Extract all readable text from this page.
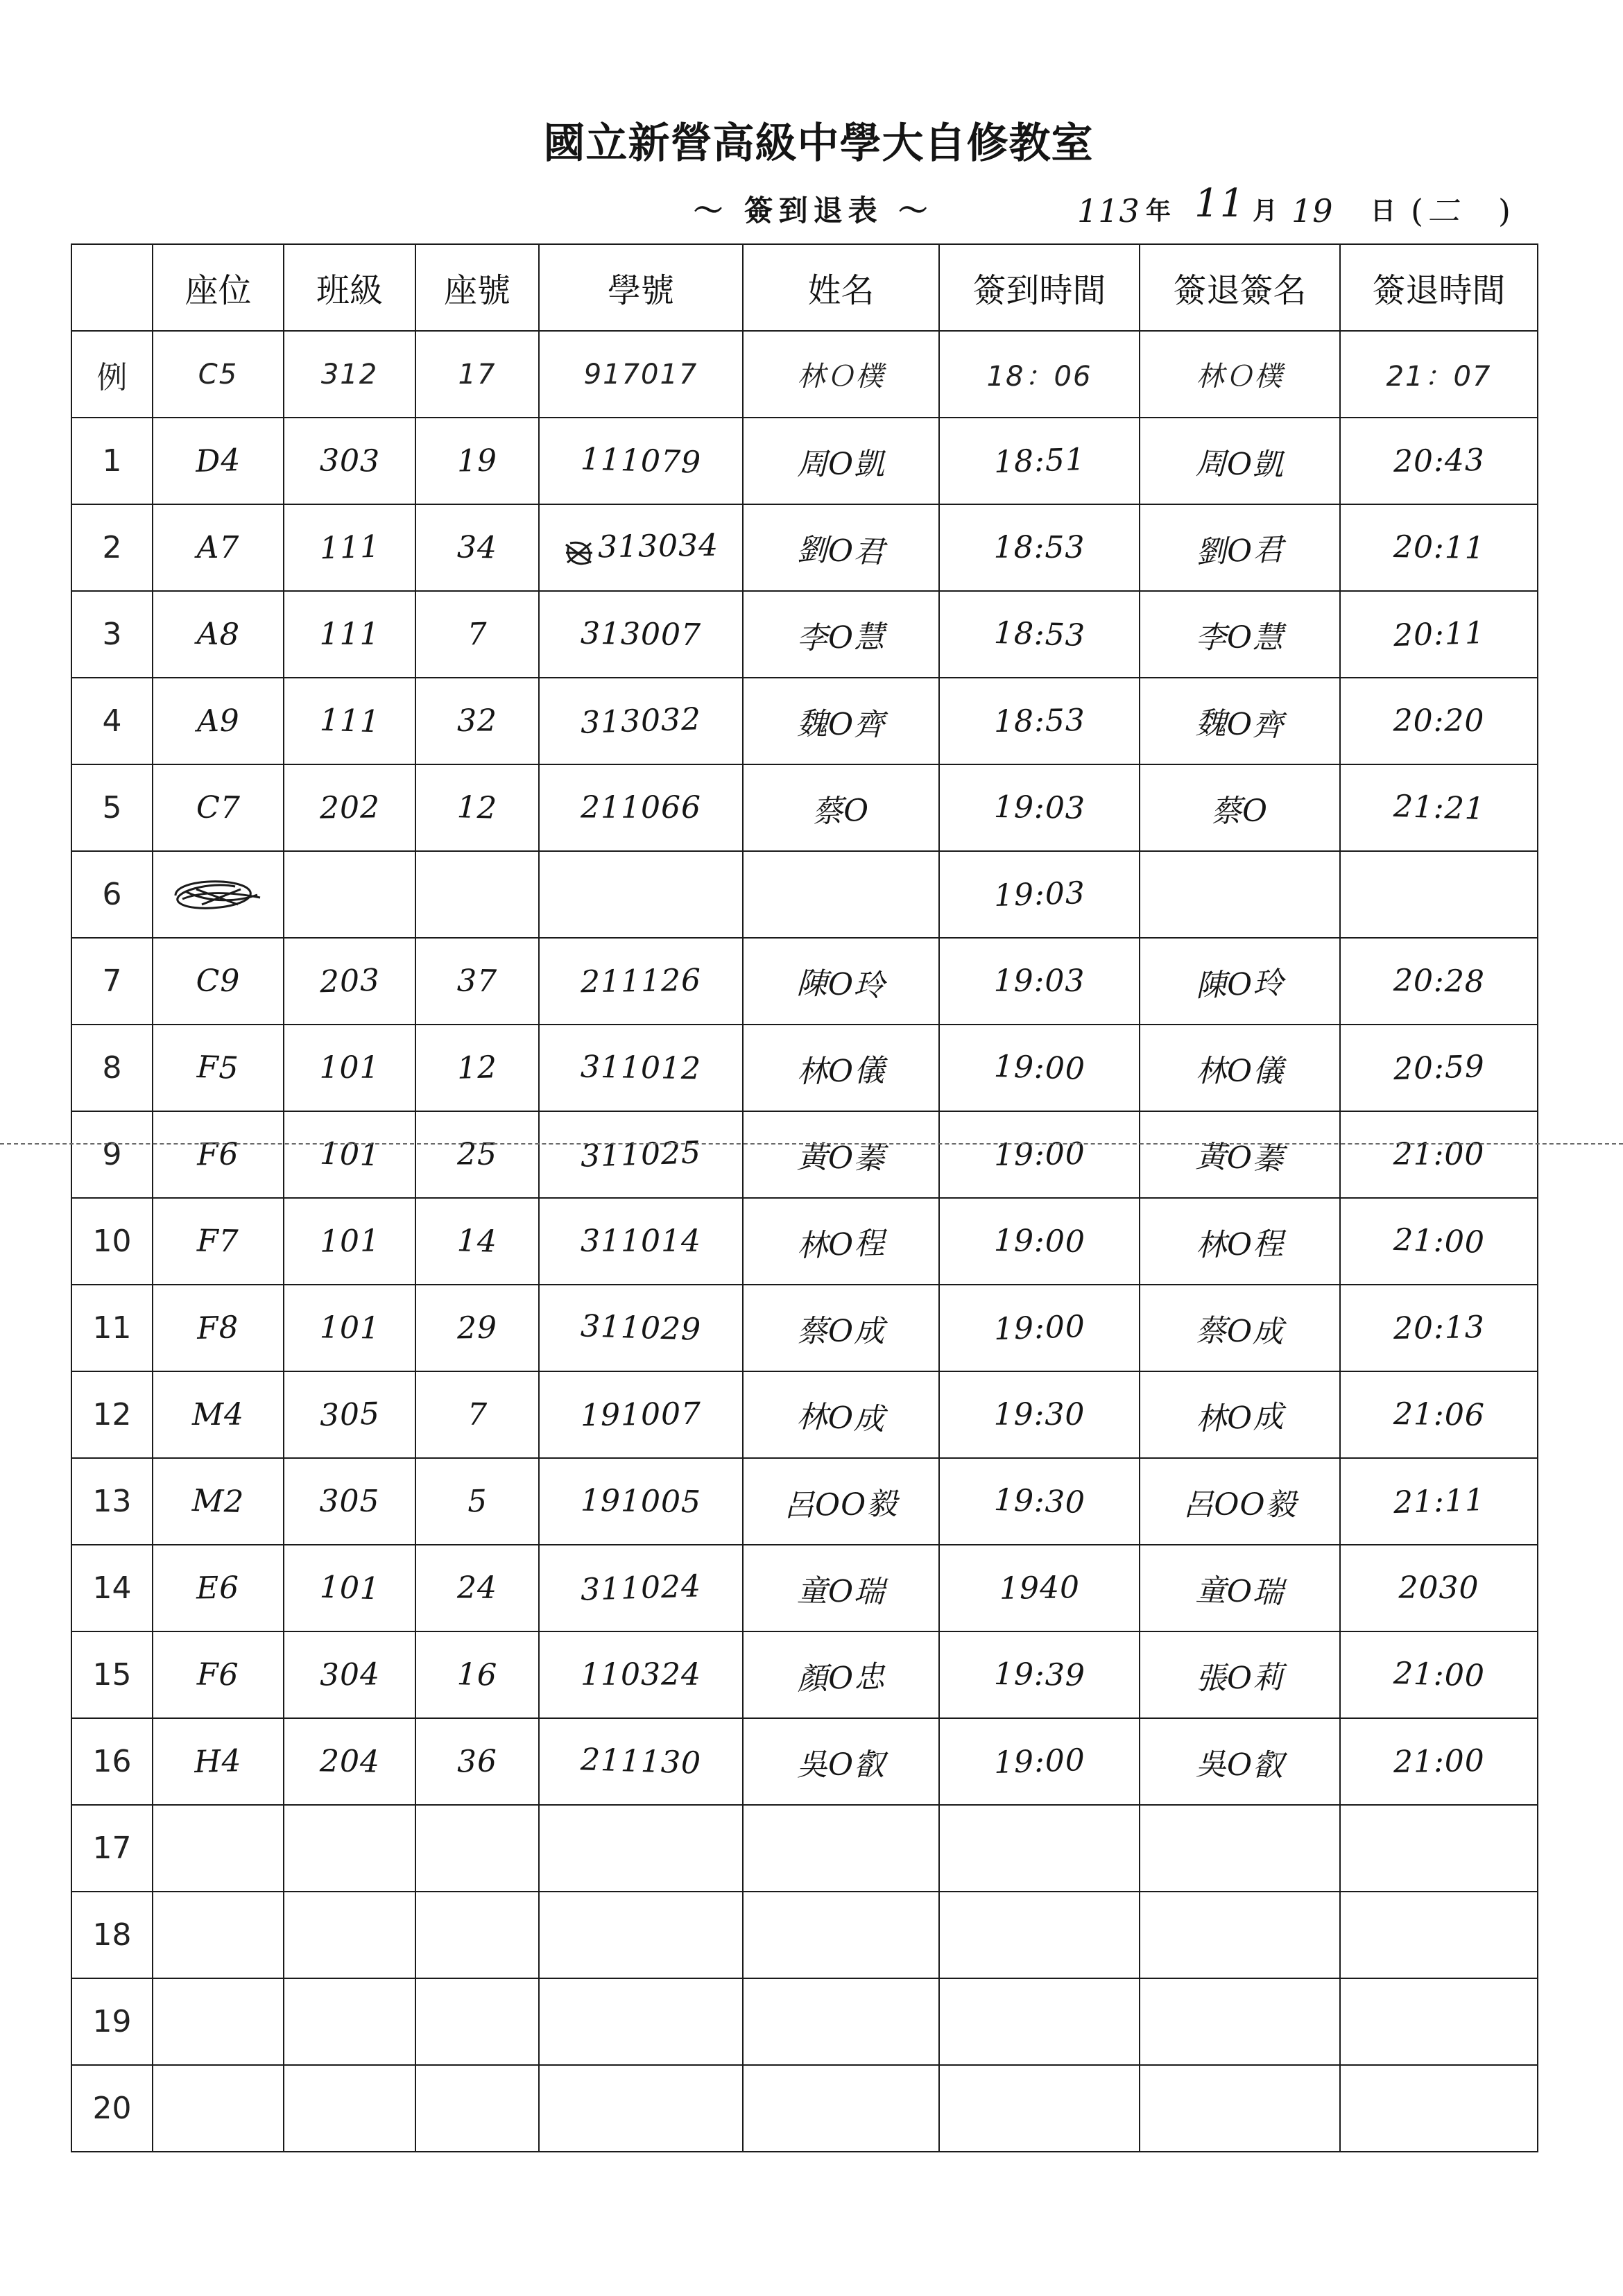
國立新營高級中學大自修教室
～ 簽到退表 ～	113 年 11 月 19 日 ( 二 )
	座位	班級	座號	學號	姓名	簽到時間	簽退簽名	簽退時間
例	C5	312	17	917017	林Ｏ樸	18：06	林Ｏ樸	21：07
1	D4	303	19	111079	周O凱	18:51	周O凱	20:43
2	A7	111	34	313034	劉O君	18:53	劉O君	20:11
3	A8	111	7	313007	李O慧	18:53	李O慧	20:11
4	A9	111	32	313032	魏O齊	18:53	魏O齊	20:20
5	C7	202	12	211066	蔡O	19:03	蔡O	21:21
6						19:03		
7	C9	203	37	211126	陳O玲	19:03	陳O玲	20:28
8	F5	101	12	311012	林O儀	19:00	林O儀	20:59
9	F6	101	25	311025	黃O蓁	19:00	黃O蓁	21:00
10	F7	101	14	311014	林O程	19:00	林O程	21:00
11	F8	101	29	311029	蔡O成	19:00	蔡O成	20:13
12	M4	305	7	191007	林O成	19:30	林O成	21:06
13	M2	305	5	191005	呂OO毅	19:30	呂OO毅	21:11
14	E6	101	24	311024	童O瑞	1940	童O瑞	2030
15	F6	304	16	110324	顏O忠	19:39	張O莉	21:00
16	H4	204	36	211130	吳O叡	19:00	吳O叡	21:00
17								
18								
19								
20								
